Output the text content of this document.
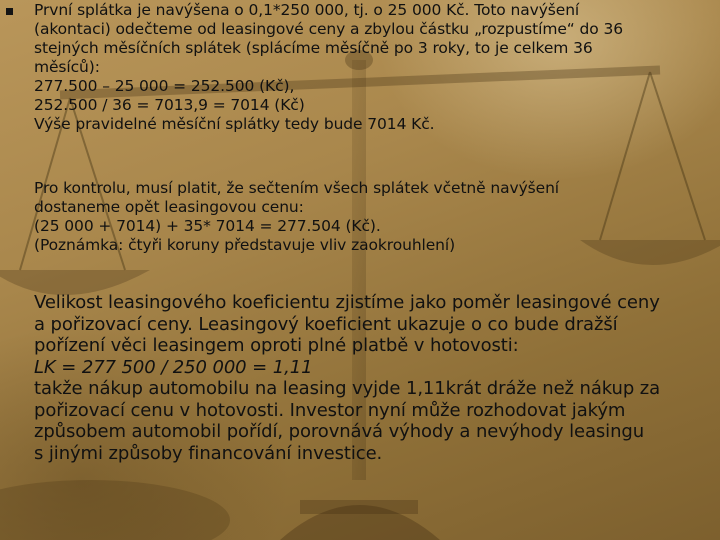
První splátka je navýšena o 0,1*250 000, tj. o 25 000 Kč. Toto navýšení
(akontaci) odečteme od leasingové ceny a zbylou částku „rozpustíme“ do 36
stejných měsíčních splátek (splácíme měsíčně po 3 roky, to je celkem 36
měsíců):
277.500 – 25 000 = 252.500 (Kč),
252.500 / 36 = 7013,9 = 7014 (Kč)
Výše pravidelné měsíční splátky tedy bude 7014 Kč.
Pro kontrolu, musí platit, že sečtením všech splátek včetně navýšení
dostaneme opět leasingovou cenu:
(25 000 + 7014) + 35* 7014 = 277.504 (Kč).
(Poznámka: čtyři koruny představuje vliv zaokrouhlení)
Velikost leasingového koeficientu zjistíme jako poměr leasingové ceny
a pořizovací ceny. Leasingový koeficient ukazuje o co bude dražší
pořízení věci leasingem oproti plné platbě v hotovosti:
LK = 277 500 / 250 000 = 1,11
takže nákup automobilu na leasing vyjde 1,11krát dráže než nákup za
pořizovací cenu v hotovosti. Investor nyní může rozhodovat jakým
způsobem automobil pořídí, porovnává výhody a nevýhody leasingu
s jinými způsoby financování investice.
